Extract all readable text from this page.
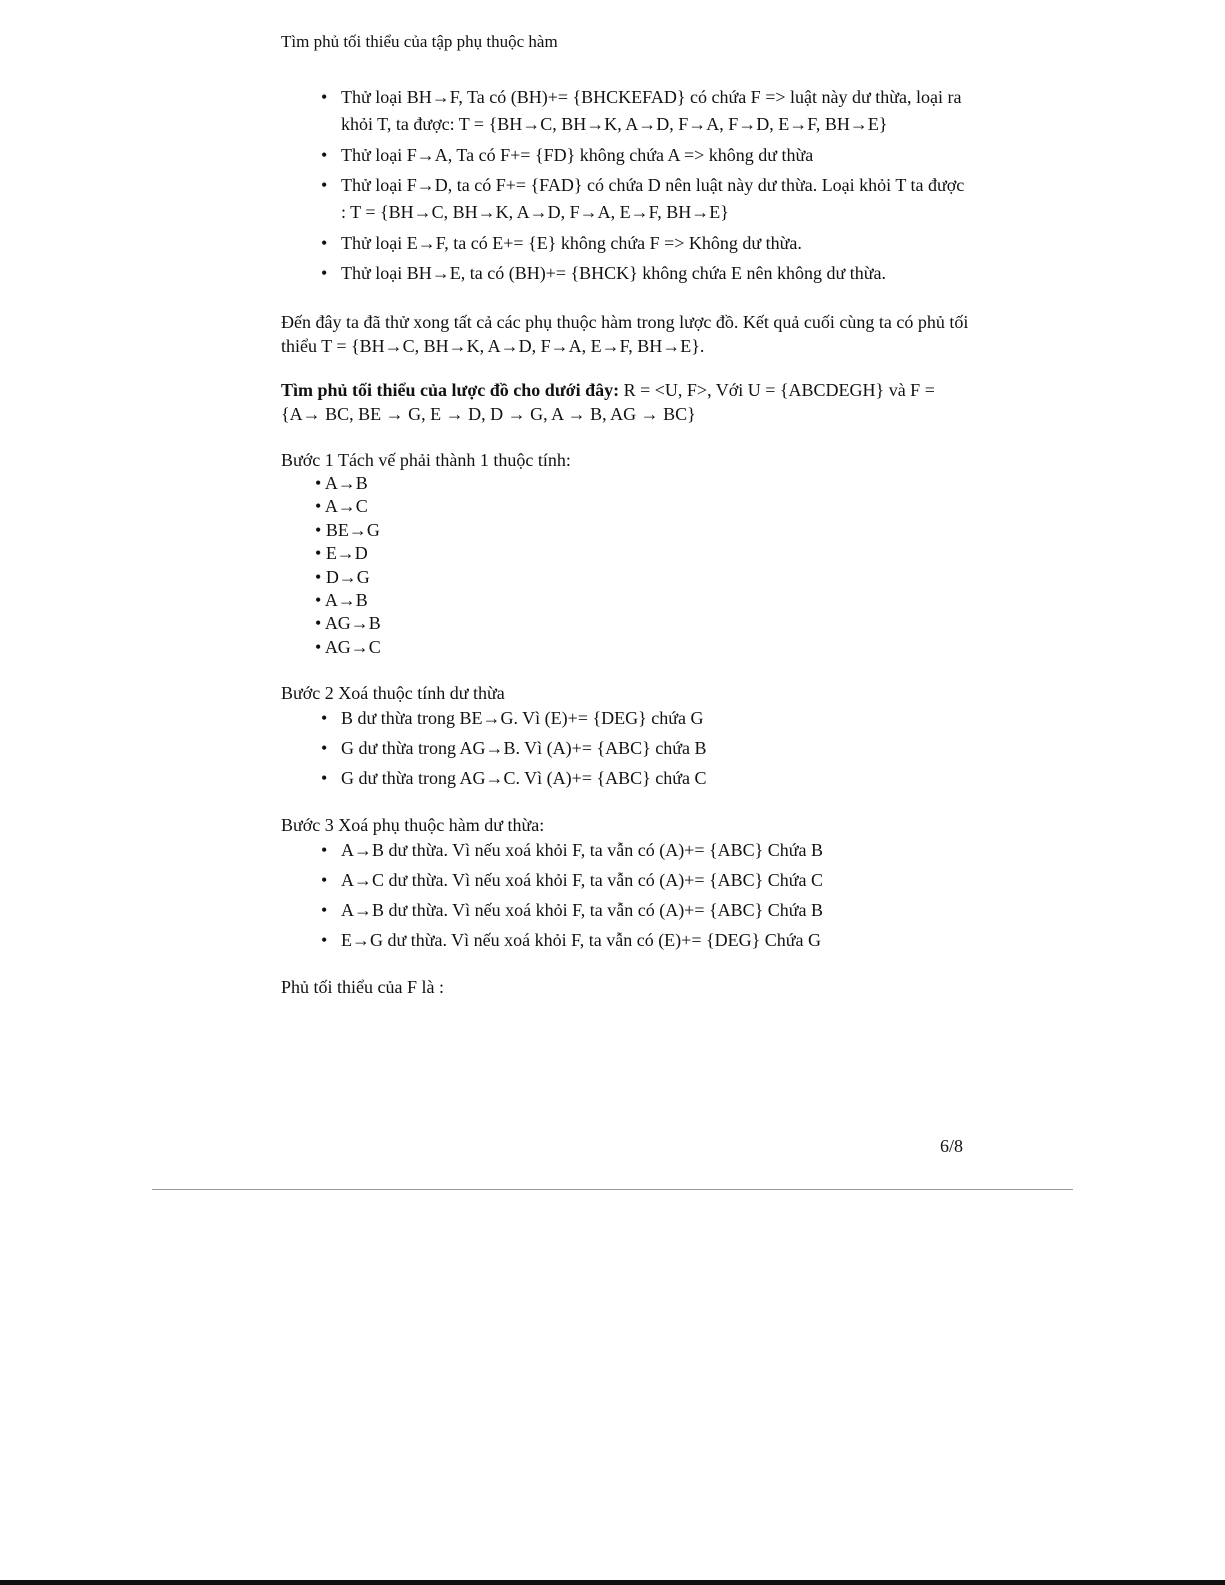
Tìm phủ tối thiểu của tập phụ thuộc hàm
• Thử loại BH→F, Ta có (BH)+= {BHCKEFAD} có chứa F => luật này dư thừa, loại ra khỏi T, ta được: T = {BH→C, BH→K, A→D, F→A, F→D, E→F, BH→E}
• Thử loại F→A, Ta có F+= {FD} không chứa A => không dư thừa
• Thử loại F→D, ta có F+= {FAD} có chứa D nên luật này dư thừa. Loại khỏi T ta được : T = {BH→C, BH→K, A→D, F→A, E→F, BH→E}
• Thử loại E→F, ta có E+= {E} không chứa F => Không dư thừa.
• Thử loại BH→E, ta có (BH)+= {BHCK} không chứa E nên không dư thừa.

Đến đây ta đã thử xong tất cả các phụ thuộc hàm trong lược đồ. Kết quả cuối cùng ta có phủ tối thiểu T = {BH→C, BH→K, A→D, F→A, E→F, BH→E}.

Tìm phủ tối thiểu của lược đồ cho dưới đây: R = <U, F>, Với U = {ABCDEGH} và F = {A→ BC, BE → G, E → D, D → G, A → B, AG → BC}

Bước 1 Tách vế phải thành 1 thuộc tính:

• A→B
• A→C
• BE→G
• E→D
• D→G
• A→B
• AG→B
• AG→C

Bước 2 Xoá thuộc tính dư thừa

• B dư thừa trong BE→G. Vì (E)+= {DEG} chứa G
• G dư thừa trong AG→B. Vì (A)+= {ABC} chứa B
• G dư thừa trong AG→C. Vì (A)+= {ABC} chứa C

Bước 3 Xoá phụ thuộc hàm dư thừa:

• A→B dư thừa. Vì nếu xoá khỏi F, ta vẫn có (A)+= {ABC} Chứa B
• A→C dư thừa. Vì nếu xoá khỏi F, ta vẫn có (A)+= {ABC} Chứa C
• A→B dư thừa. Vì nếu xoá khỏi F, ta vẫn có (A)+= {ABC} Chứa B
• E→G dư thừa. Vì nếu xoá khỏi F, ta vẫn có (E)+= {DEG} Chứa G

Phủ tối thiểu của F là :

6/8
